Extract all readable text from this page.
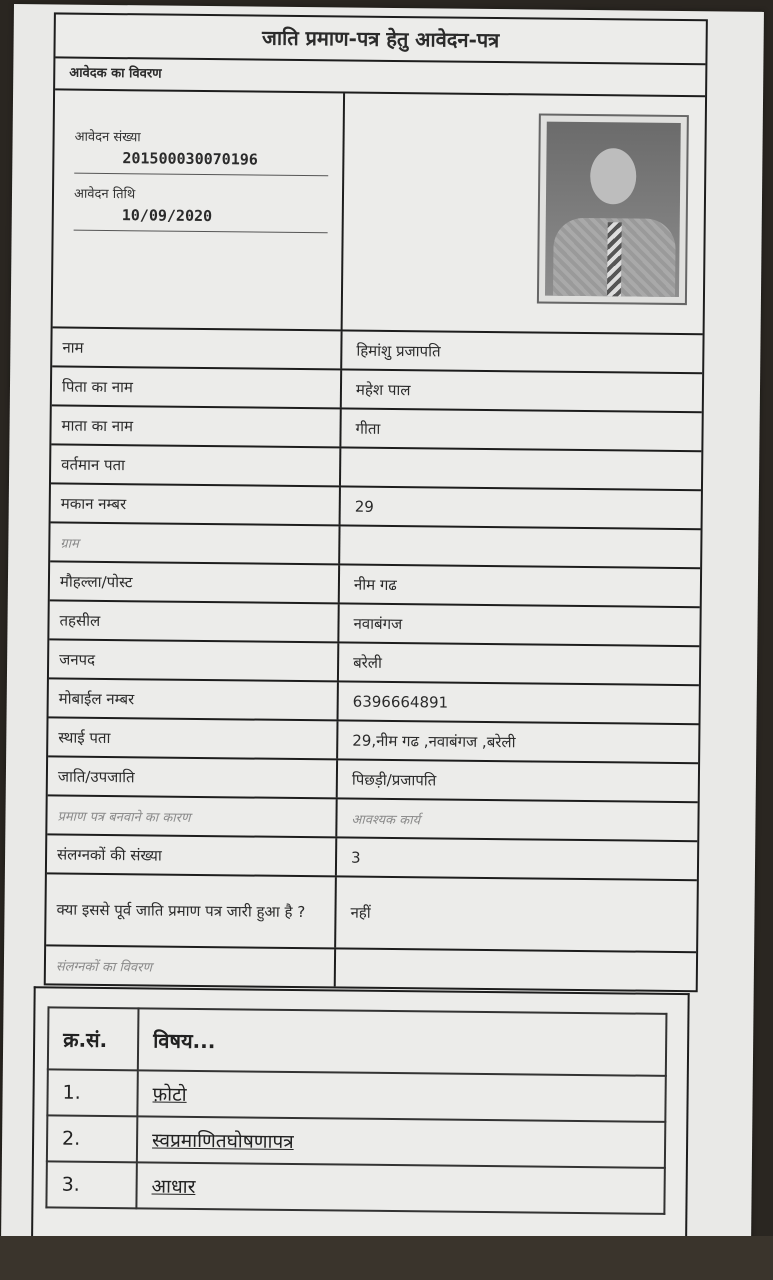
जाति प्रमाण-पत्र हेतु आवेदन-पत्र
आवेदक का विवरण
आवेदन संख्या
201500030070196
आवेदन तिथि
10/09/2020
नाम	हिमांशु प्रजापति
पिता का नाम	महेश पाल
माता का नाम	गीता
वर्तमान पता
मकान नम्बर	29
ग्राम
मौहल्ला/पोस्ट	नीम गढ
तहसील	नवाबंगज
जनपद	बरेली
मोबाईल नम्बर	6396664891
स्थाई पता	29,नीम गढ ,नवाबंगज ,बरेली
जाति/उपजाति	पिछड़ी/प्रजापति
प्रमाण पत्र बनवाने का कारण	आवश्यक कार्य
संलग्नकों की संख्या	3
क्या इससे पूर्व जाति प्रमाण पत्र जारी हुआ है ?	नहीं
संलग्नकों का विवरण
क्र.सं.	विषय...
1.	फ़ोटो
2.	स्वप्रमाणितघोषणापत्र
3.	आधार
